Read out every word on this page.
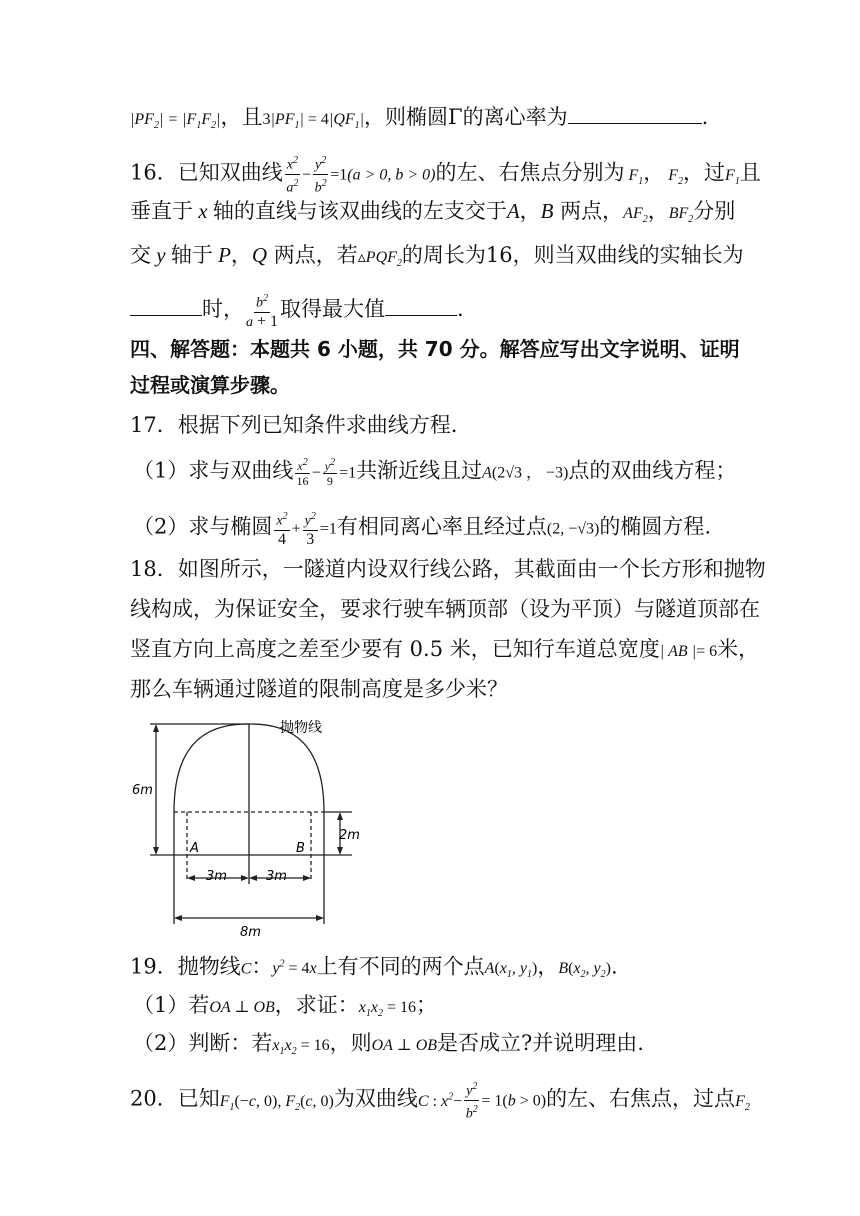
$|PF_2| = |F_1F_2|$，且$3|PF_1| = 4|QF_1|$，则椭圆Γ的离心率为	.
16．已知双曲线 $\frac{x^2}{a^2} - \frac{y^2}{b^2} =1(a > 0$, b > 0)的左、右焦点分别为 $F_1$， $F_2$，过$F_1$且
垂直于 x 轴的直线与该双曲线的左支交于A，B 两点，$AF_2$，$BF_2$分别
交 y 轴于 P，Q 两点，若$▵PQF_2$的周长为16，则当双曲线的实轴长为
时， $\frac{b^2}{a + 1}$ 取得最大值	.
四、解答题：本题共 6 小题，共 70 分。解答应写出文字说明、证明
过程或演算步骤。
17．根据下列已知条件求曲线方程.
（1）求与双曲线 $\frac{x^2}{16} - \frac{y^2}{9} =1$共渐近线且过A(2√3 ， −3)点的双曲线方程；
（2）求与椭圆 $\frac{x^2}{4} + \frac{y^2}{3} =1$有相同离心率且经过点(2, −√3)的椭圆方程.
18．如图所示，一隧道内设双行线公路，其截面由一个长方形和抛物
线构成，为保证安全，要求行驶车辆顶部（设为平顶）与隧道顶部在
竖直方向上高度之差至少要有 0.5 米，已知行车道总宽度| AB |= 6米，
那么车辆通过隧道的限制高度是多少米？
抛物线
6m
2m
A	B
3m	3m
8m
19．抛物线C：$y^2 = 4x$上有不同的两个点$A(x_1$, $y_1$)，$B(x_2$, $y_2$).
（1）若OA ⊥ OB，求证：$x_1x_2 = 16$；
（2）判断：若$x_1x_2 = 16$，则OA ⊥ OB是否成立?并说明理由.
20．已知$F_1(-c$, 0), $F_2(c$, 0)为双曲线C : $x^2- \frac{y^2}{b^2} = 1(b > 0)$的左、右焦点，过点$F_2$
